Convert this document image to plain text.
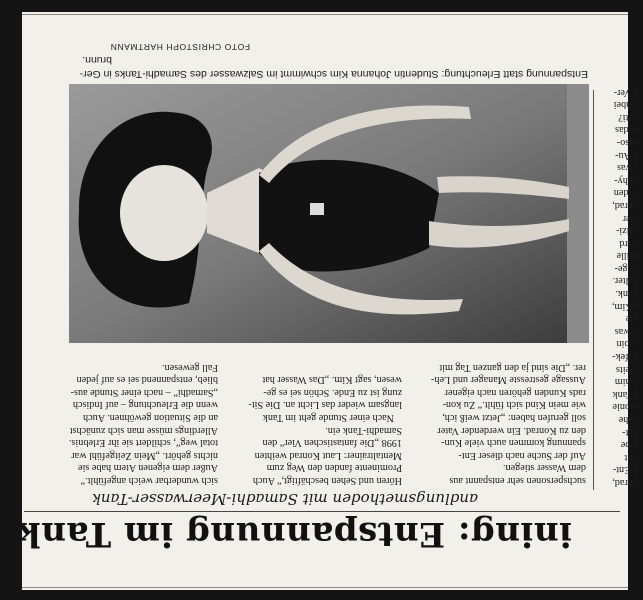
ining: Entspannung im Tank
andlungsmethoden mit Samadhi-Meerwasser-Tank
onrad,
h Ent-
mit
n be
hat-
zuhe
monie
l Tank
lehim
ereits
Effek-
sebin
etwas
gie
ı Kim,
Tank.
halter.
er ge-
Stille
wird
salzi-
Der
onrad,
'k den
ophy-
, was
n Au-
r iso-
st das
akti?
Dabei
e Ver-
suchspersonen sehr entspannt aus
dem Wasser stiegen.
Auf der Suche nach dieser Ent-
spannung kommen auch viele Kun-
den zu Konrad. Ein werdender Vater
soll gerufen haben: „Jetzt weiß ich,
wie mein Kind sich fühlt.“ Zu kon-
rads Kunden gehören nach eigener
Aussage gestresste Manager und Leh-
rer. „Die sind ja den ganzen Tag mit
Hören und Sehen beschäftigt,“ Auch
Prominente fanden den Weg zum
Mentaltrainer: Laut Konrad weihten
1998 „Die fantastischen Vier“ den
Samadhi-Tank ein.
Nach einer Stunde geht im Tank
langsam wieder das Licht an. Die Sit-
zung ist zu Ende. Schön sei es ge-
wesen, sagt Kim. „Das Wasser hat
sich wunderbar weich angefühlt.“
Außer dem eigenen Atem habe sie
nichts gehört. „Mein Zeitgefühl war
total weg“, schildert sie ihr Erlebnis.
Allerdings müsse man sich zunächst
an die Situation gewöhnen. Auch
wenn die Erleuchtung – auf Indisch
„Samadhi“ – nach einer Stunde aus-
blieb, entspannend sei es auf jeden
Fall gewesen.
Entspannung statt Erleuchtung: Studentin Johanna Kim schwimmt im Salzwasser des Samadhi-Tanks in Ger-
brunn.
FOTO CHRISTOPH HARTMANN
